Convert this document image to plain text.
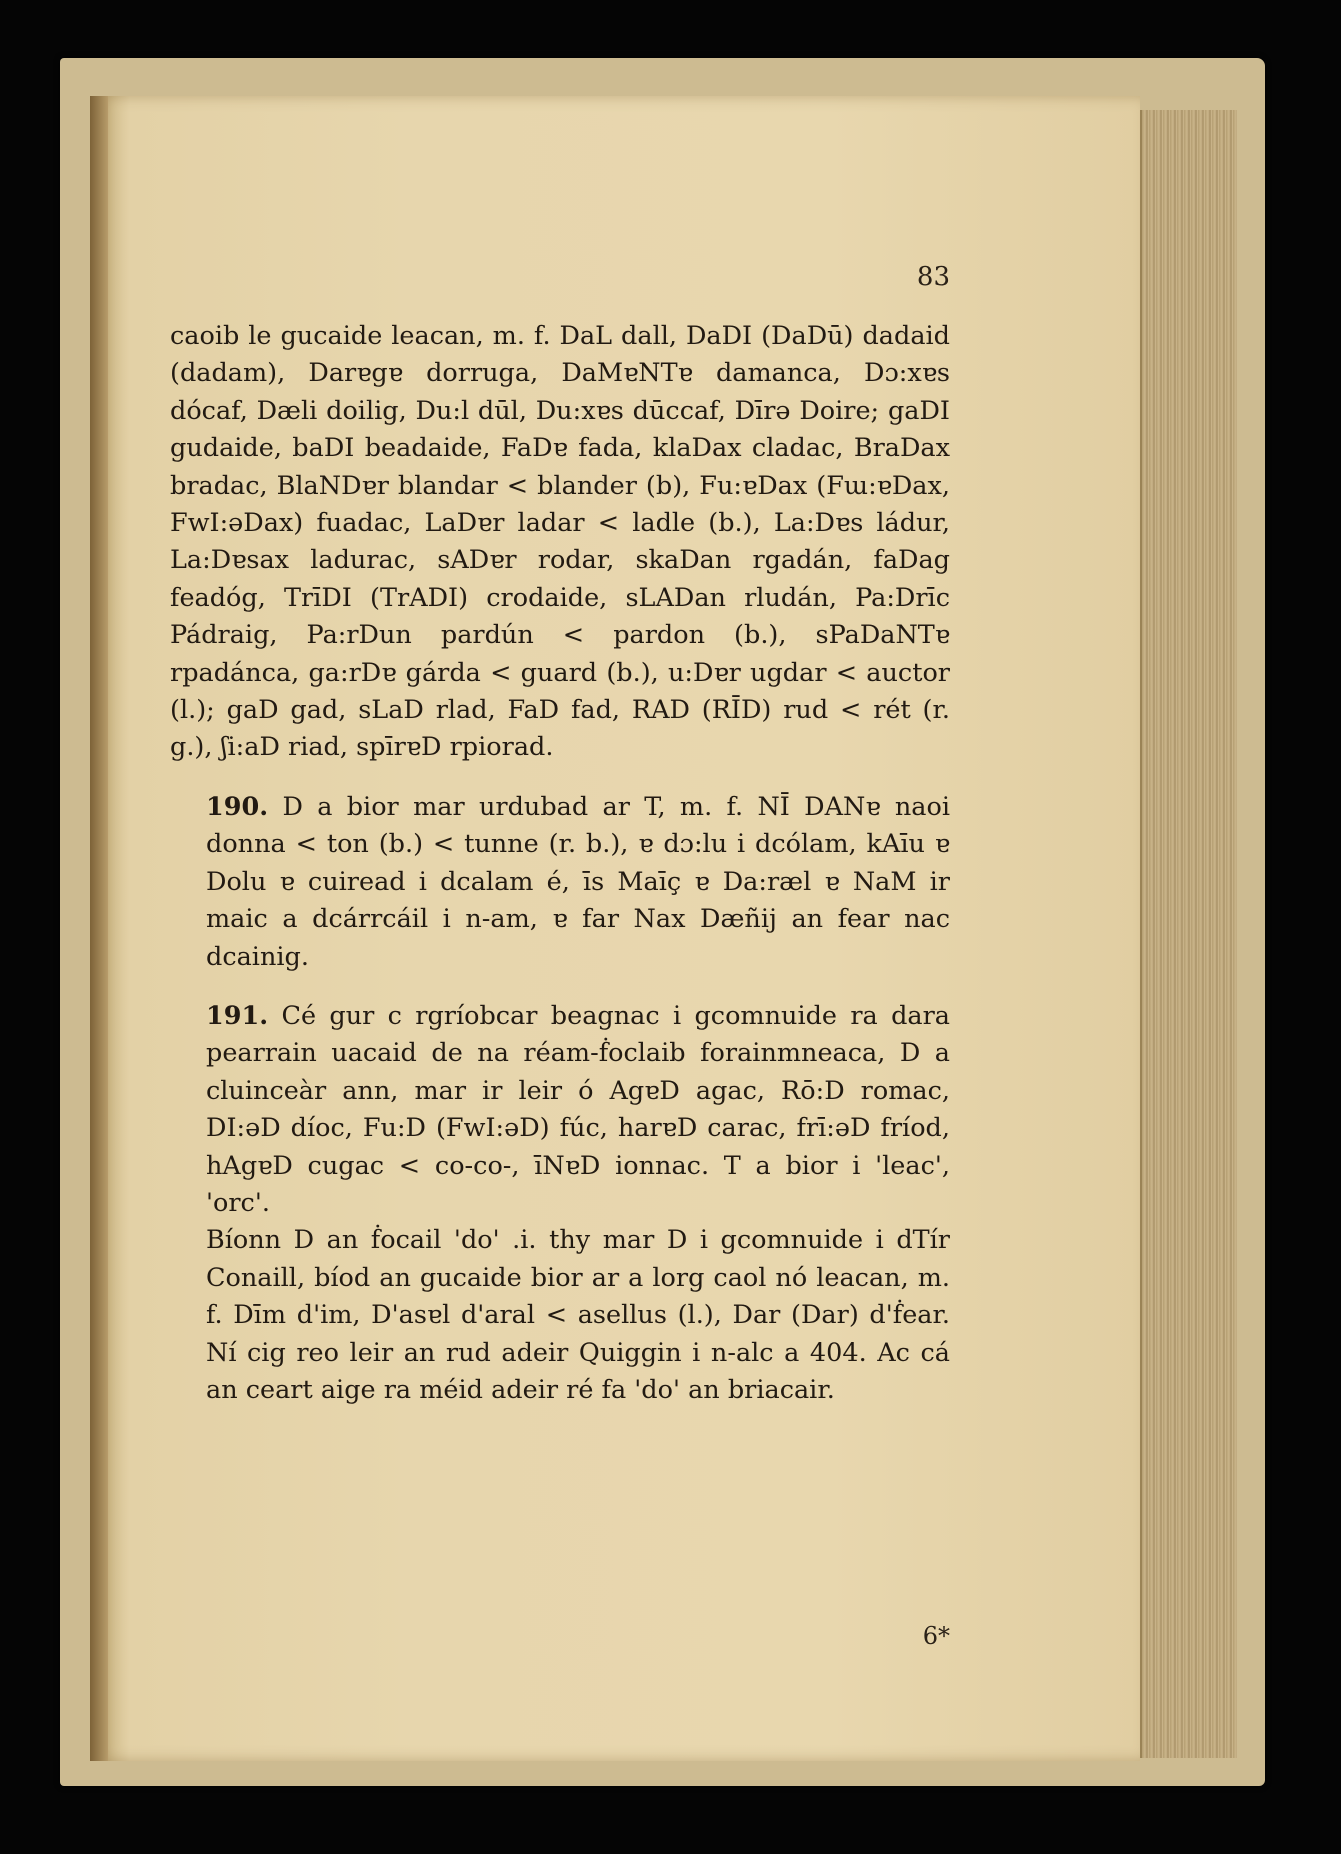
83

caoib le gucaide leacan, m. f. DaL dall, DaDI (DaDū) dadaid (dadam), Darɐgɐ dorruga, DaMɐNTɐ damanca, Dɔ:xɐs dócaf, Dæli doilig, Du:l dūl, Du:xɐs dūccaf, Dīrə Doire; gaDI gudaide, baDI beadaide, FaDɐ fada, klaDax cladac, BraDax bradac, BlaNDɐr blandar < blander (b), Fu:ɐDax (Fɯ:ɐDax, FwI:əDax) fuadac, LaDɐr ladar < ladle (b.), La:Dɐs ládur, La:Dɐsax ladurac, sADɐr rodar, skaDan rgadán, faDag feadóg, TrīDI (TrADI) crodaide, sLADan rludán, Pa:Drīc Pádraig, Pa:rDun pardún < pardon (b.), sPaDaNTɐ rpadánca, ga:rDɐ gárda < guard (b.), u:Dɐr ugdar < auctor (l.); gaD gad, sLaD rlad, FaD fad, RAD (RĪD) rud < rét (r. g.), ʃi:aD riad, spīrɐD rpiorad.

190. D a bior mar urdubad ar T, m. f. NĪ DANɐ naoi donna < ton (b.) < tunne (r. b.), ɐ dɔ:lu i dcólam, kAīu ɐ Dolu ɐ cuiread i dcalam é, īs Maīç ɐ Da:ræl ɐ NaM ir maic a dcárrcáil i n-am, ɐ far Nax Dæñij an fear nac dcainig.

191. Cé gur c rgríobcar beagnac i gcomnuide ra dara pearrain uacaid de na réam-ḟoclaib forainmneaca, D a cluinceàr ann, mar ir leir ó AgɐD agac, Rō:D romac, DI:əD díoc, Fu:D (FwI:əD) fúc, harɐD carac, frī:əD fríod, hAgɐD cugac < co-co-, īNɐD ionnac. T a bior i 'leac', 'orc'.

Bíonn D an ḟocail 'do' .i. thy mar D i gcomnuide i dTír Conaill, bíod an gucaide bior ar a lorg caol nó leacan, m. f. Dīm d'im, D'asɐl d'aral < asellus (l.), Dar (Dar) d'ḟear. Ní cig reo leir an rud adeir Quiggin i n-alc a 404. Ac cá an ceart aige ra méid adeir ré fa 'do' an briacair.

6*
